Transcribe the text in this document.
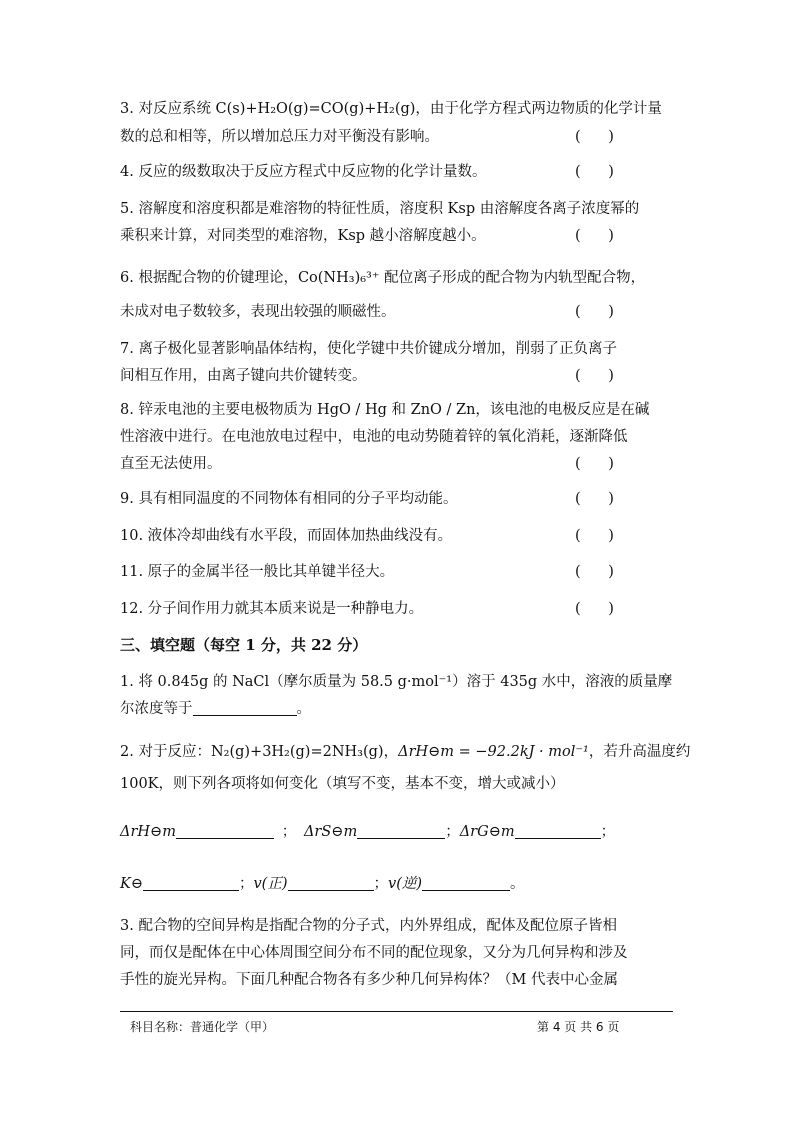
3. 对反应系统 C(s)+H₂O(g)=CO(g)+H₂(g)，由于化学方程式两边物质的化学计量
数的总和相等，所以增加总压力对平衡没有影响。	(      )
4. 反应的级数取决于反应方程式中反应物的化学计量数。	(      )
5. 溶解度和溶度积都是难溶物的特征性质，溶度积 Ksp 由溶解度各离子浓度幂的
乘积来计算，对同类型的难溶物，Ksp 越小溶解度越小。	(      )
6. 根据配合物的价键理论，Co(NH₃)₆³⁺ 配位离子形成的配合物为内轨型配合物，
未成对电子数较多，表现出较强的顺磁性。	(      )
7. 离子极化显著影响晶体结构，使化学键中共价键成分增加，削弱了正负离子
间相互作用，由离子键向共价键转变。	(      )
8. 锌汞电池的主要电极物质为 HgO / Hg 和 ZnO / Zn，该电池的电极反应是在碱
性溶液中进行。在电池放电过程中，电池的电动势随着锌的氧化消耗，逐渐降低
直至无法使用。	(      )
9. 具有相同温度的不同物体有相同的分子平均动能。	(      )
10. 液体冷却曲线有水平段，而固体加热曲线没有。	(      )
11. 原子的金属半径一般比其单键半径大。	(      )
12. 分子间作用力就其本质来说是一种静电力。	(      )
三、填空题（每空 1 分，共 22 分）
1. 将 0.845g 的 NaCl（摩尔质量为 58.5 g·mol⁻¹）溶于 435g 水中，溶液的质量摩
尔浓度等于	。
2. 对于反应：N₂(g)+3H₂(g)=2NH₃(g)，ΔrH⊖m = −92.2kJ · mol⁻¹，若升高温度约
100K，则下列各项将如何变化（填写不变，基本不变，增大或减小）
ΔrH⊖m	； ΔrS⊖m	；ΔrG⊖m	；
K⊖	；v(正)	；v(逆)	。
3. 配合物的空间异构是指配合物的分子式，内外界组成，配体及配位原子皆相
同，而仅是配体在中心体周围空间分布不同的配位现象，又分为几何异构和涉及
手性的旋光异构。下面几种配合物各有多少种几何异构体？（M 代表中心金属
科目名称：普通化学（甲）	第 4 页 共 6 页
